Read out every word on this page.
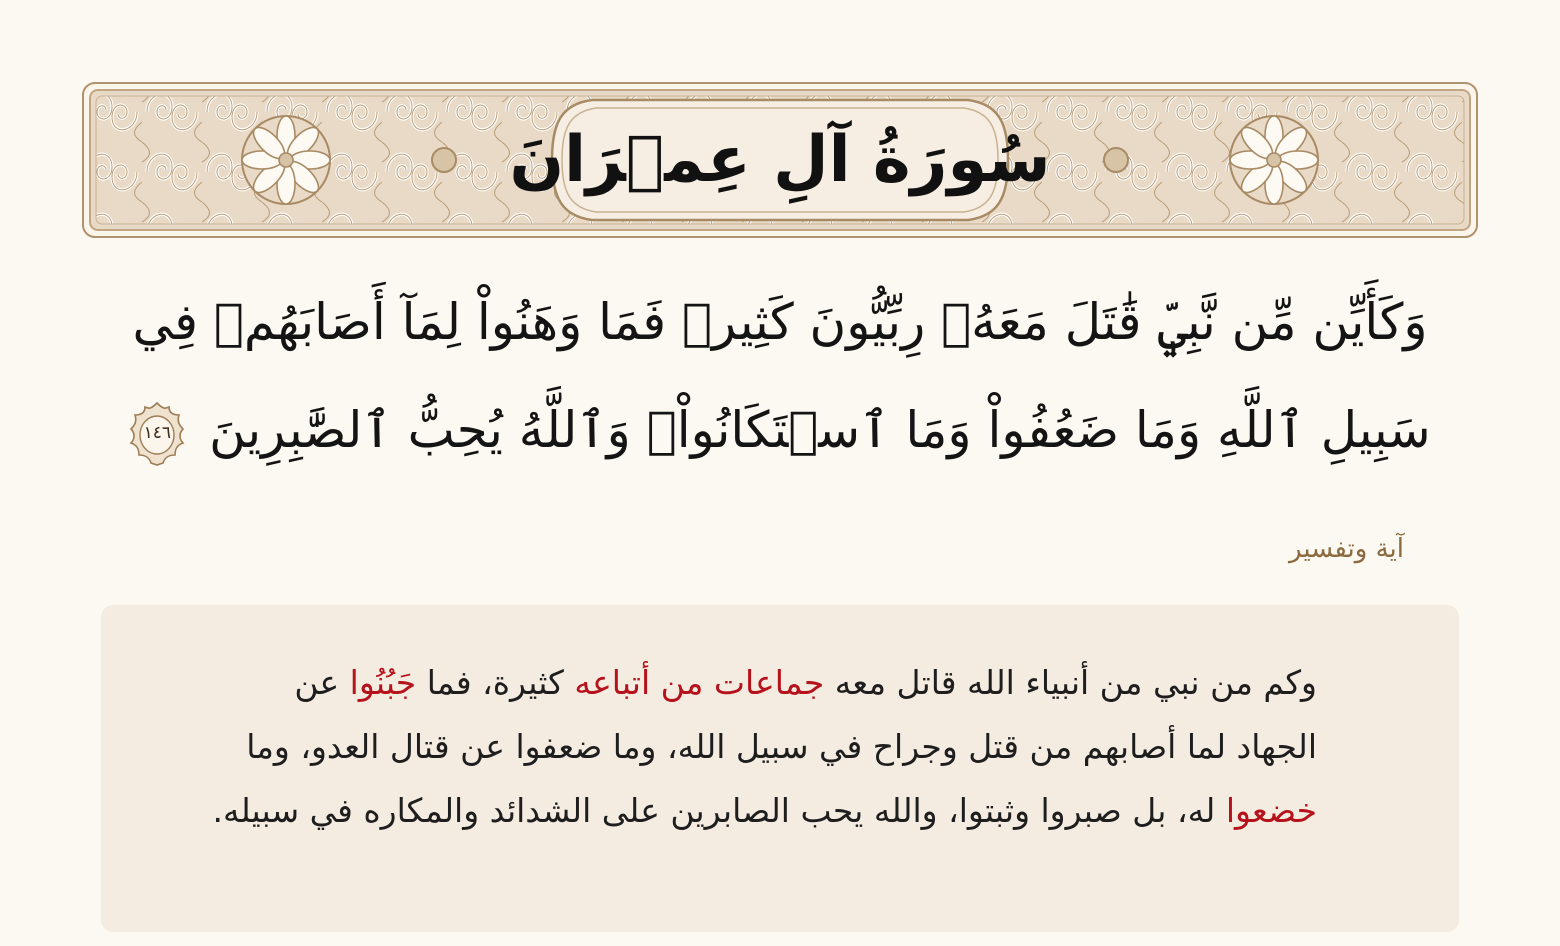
سُورَةُ آلِ عِمۡرَانَ
وَكَأَيِّن مِّن نَّبِيّٖ قَٰتَلَ مَعَهُۥ رِبِّيُّونَ كَثِيرٞ فَمَا وَهَنُواْ لِمَآ أَصَابَهُمۡ فِي سَبِيلِ ٱللَّهِ وَمَا ضَعُفُواْ وَمَا ٱسۡتَكَانُواْۗ وَٱللَّهُ يُحِبُّ ٱلصَّٰبِرِينَ
١٤٦
آية وتفسير
وكم من نبي من أنبياء الله قاتل معه جماعات من أتباعه كثيرة، فما جَبُنُوا عن الجهاد لما أصابهم من قتل وجراح في سبيل الله، وما ضعفوا عن قتال العدو، وما خضعوا له، بل صبروا وثبتوا، والله يحب الصابرين على الشدائد والمكاره في سبيله.
